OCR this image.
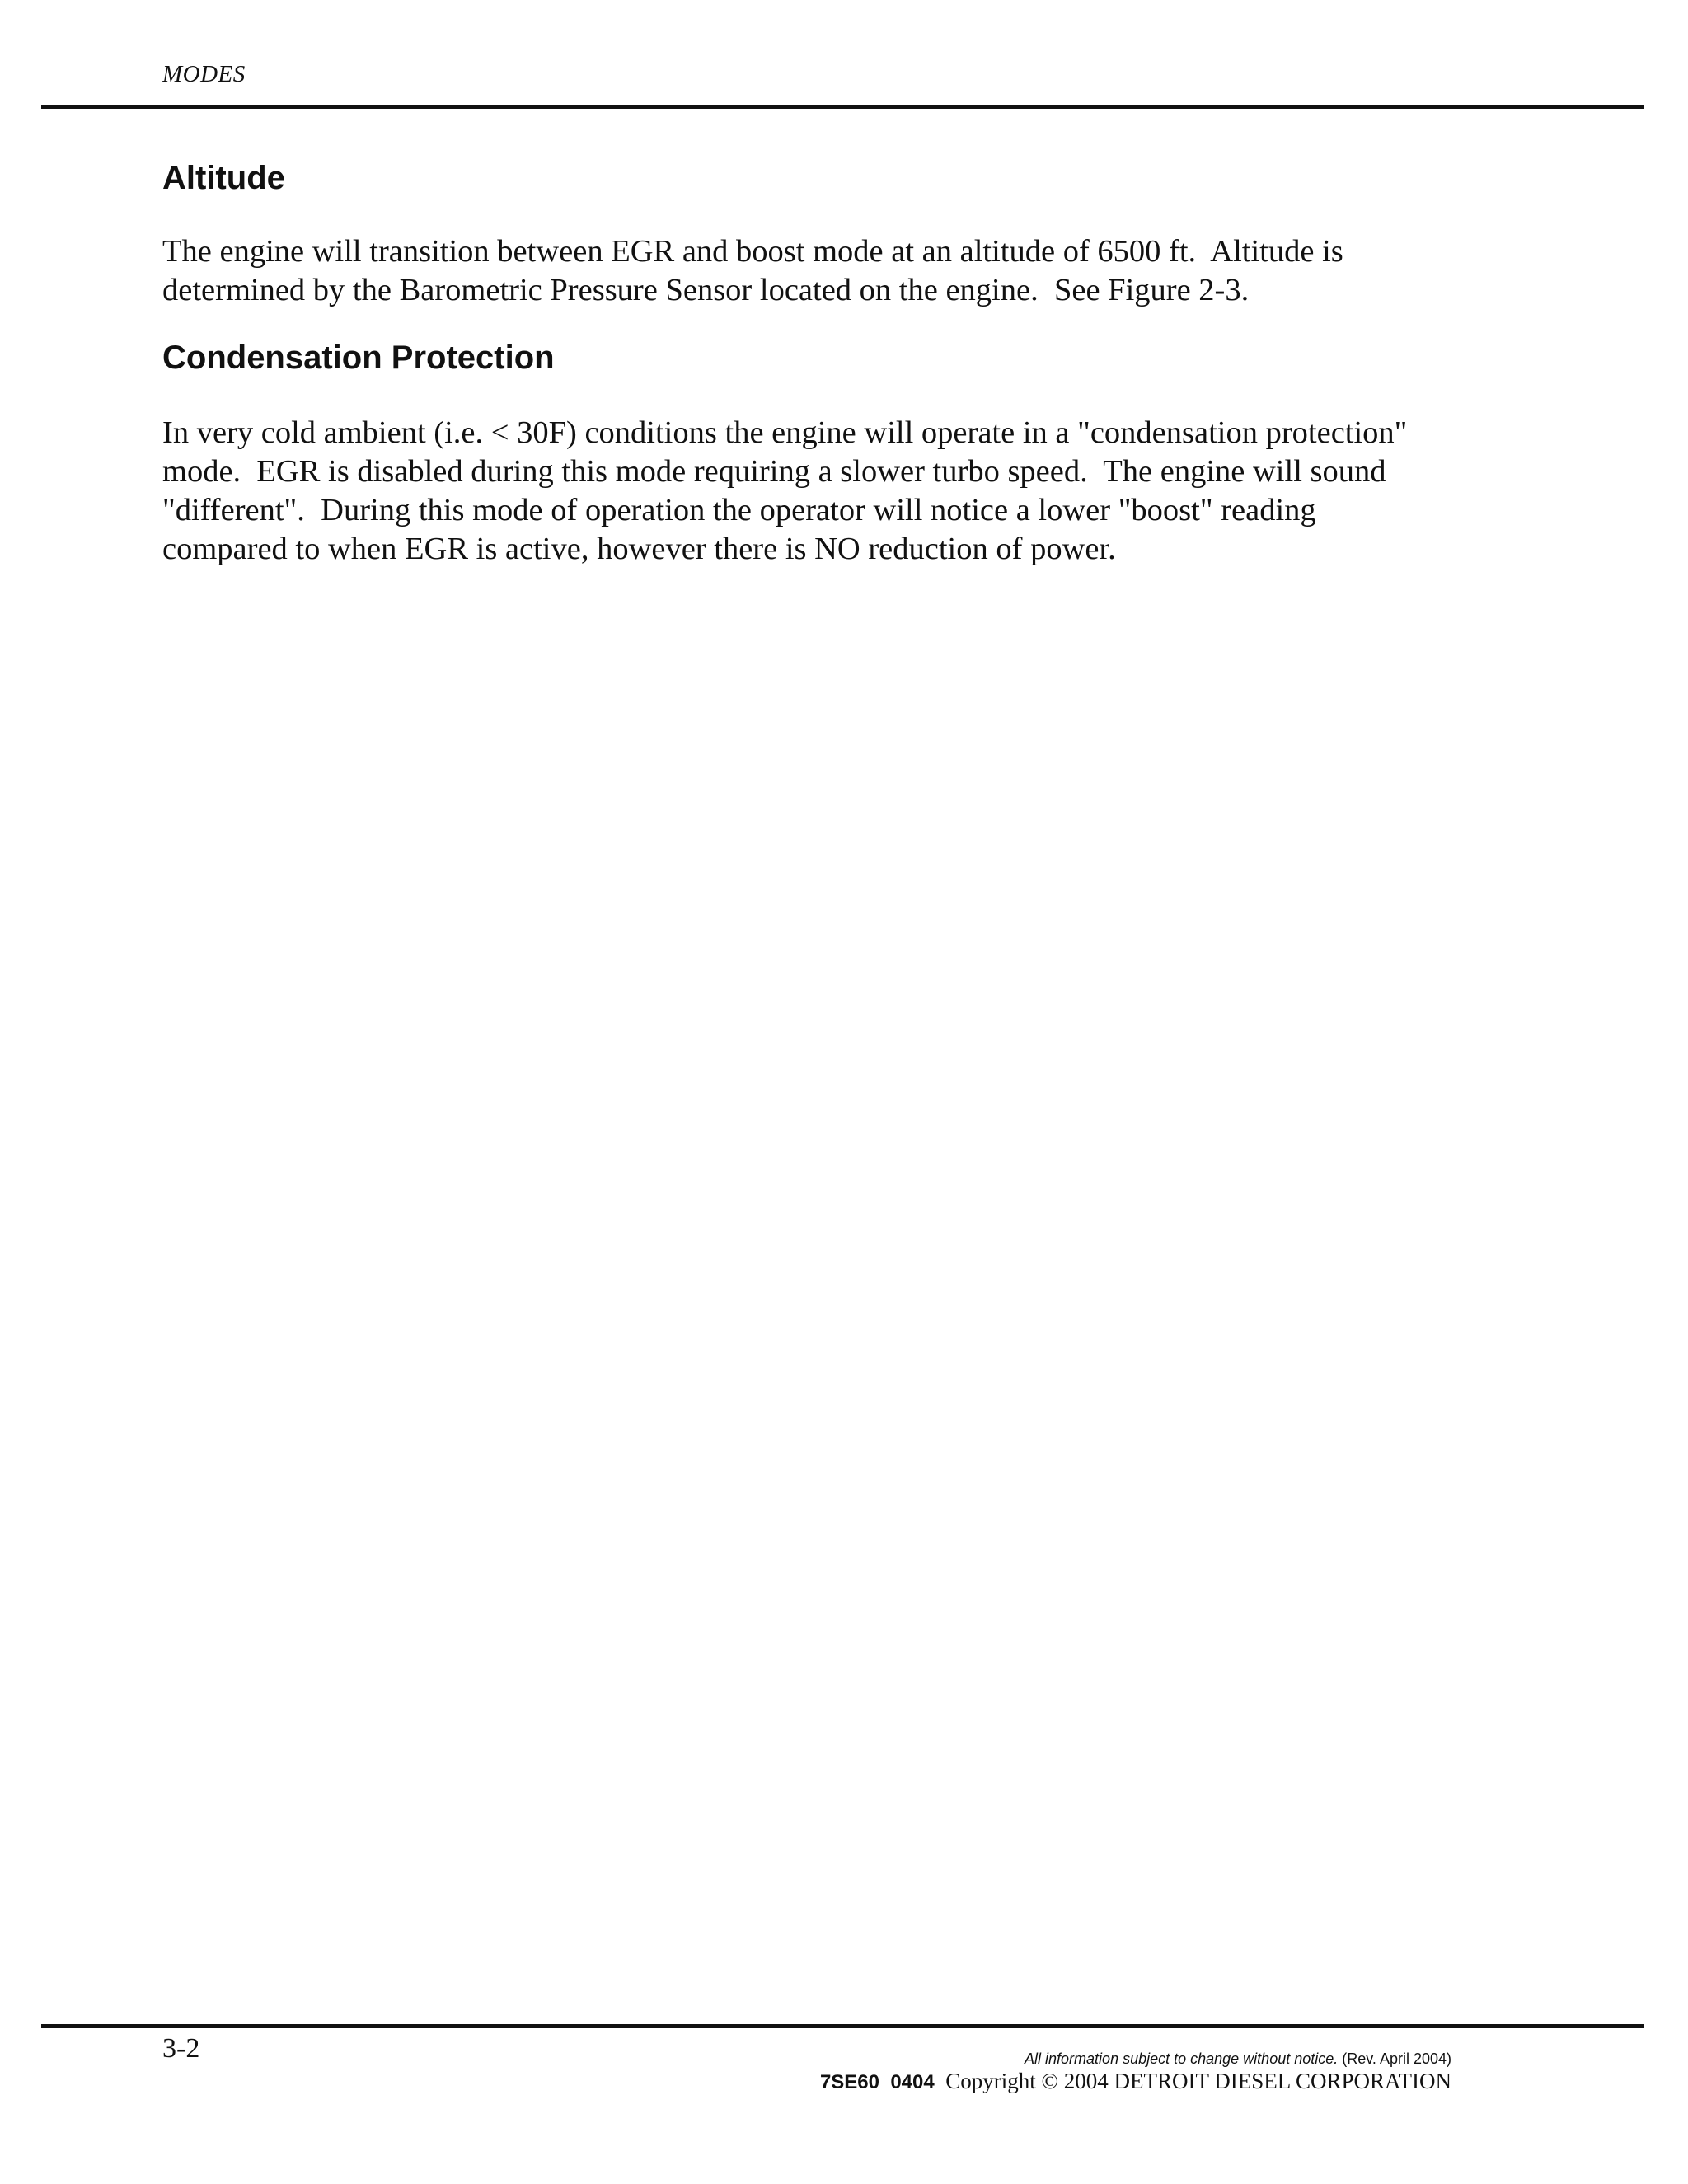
MODES
Altitude
The engine will transition between EGR and boost mode at an altitude of 6500 ft.  Altitude is
determined by the Barometric Pressure Sensor located on the engine.  See Figure 2-3.
Condensation Protection
In very cold ambient (i.e. < 30F) conditions the engine will operate in a "condensation protection"
mode.  EGR is disabled during this mode requiring a slower turbo speed.  The engine will sound
"different".  During this mode of operation the operator will notice a lower "boost" reading
compared to when EGR is active, however there is NO reduction of power.
3-2	All information subject to change without notice. (Rev. April 2004)
7SE60  0404 Copyright © 2004 DETROIT DIESEL CORPORATION
